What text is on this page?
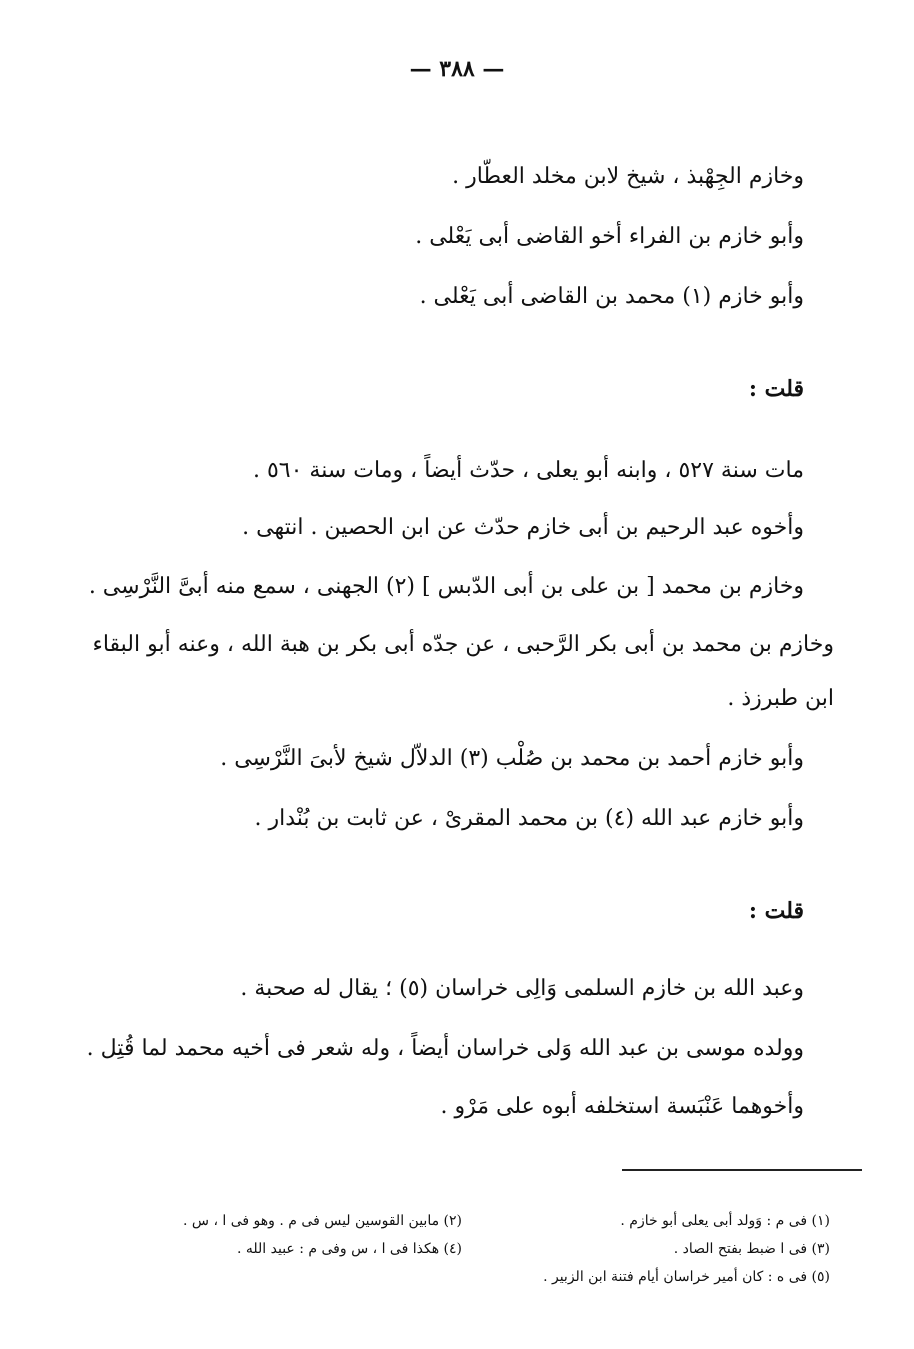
— ٣٨٨ —
وخازم الجِهْبذ ، شيخ لابن مخلد العطّار .
وأبو خازم بن الفراء أخو القاضى أبى يَعْلى .
وأبو خازم (١) محمد بن القاضى أبى يَعْلى .
قلت :
مات سنة ٥٢٧ ، وابنه أبو يعلى ، حدّث أيضاً ، ومات سنة ٥٦٠ .
وأخوه عبد الرحيم بن أبى خازم حدّث عن ابن الحصين . انتهى .
وخازم بن محمد [ بن على بن أبى الدّبس ] (٢) الجهنى ، سمع منه أبىَّ النَّرْسِى .
وخازم بن محمد بن أبى بكر الرَّحبى ، عن جدّه أبى بكر بن هبة الله ، وعنه أبو البقاء
ابن طبرزذ .
وأبو خازم أحمد بن محمد بن صُلْب (٣) الدلاّل شيخ لأبىَ النَّرْسِى .
وأبو خازم عبد الله (٤) بن محمد المقرىْ ، عن ثابت بن بُنْدار .
قلت :
وعبد الله بن خازم السلمى وَالِى خراسان (٥) ؛ يقال له صحبة .
وولده موسى بن عبد الله وَلى خراسان أيضاً ، وله شعر فى أخيه محمد لما قُتِل .
وأخوهما عَنْبَسة استخلفه أبوه على مَرْو .
(١) فى م : وَولد أبى يعلى أبو خازم .
(٢) مابين القوسين ليس فى م . وهو فى ا ، س .
(٣) فى ا ضبط بفتح الصاد .
(٤) هكذا فى ا ، س وفى م : عبيد الله .
(٥) فى ه : كان أمير خراسان أيام فتنة ابن الزبير .
